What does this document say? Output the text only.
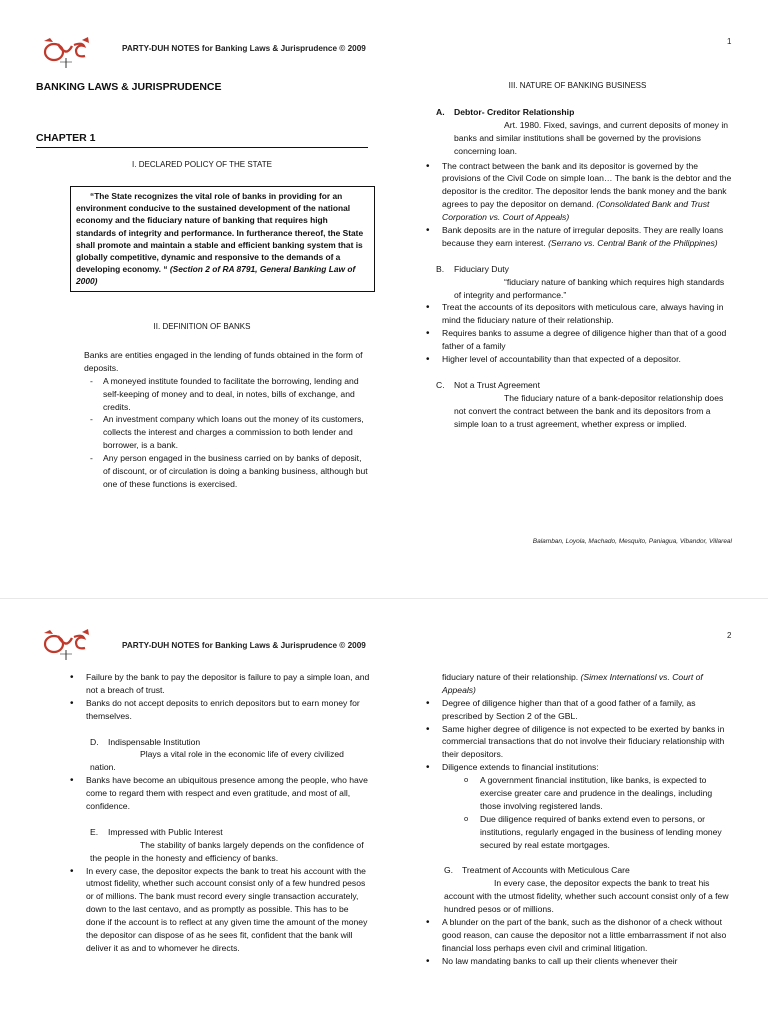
PARTY-DUH NOTES for Banking Laws & Jurisprudence © 2009
1
BANKING LAWS & JURISPRUDENCE
CHAPTER 1
I. DECLARED POLICY OF THE STATE
“The State recognizes the vital role of banks in providing for an environment conducive to the sustained development of the national economy and the fiduciary nature of banking that requires high standards of integrity and performance. In furtherance thereof, the State shall promote and maintain a stable and efficient banking system that is globally competitive, dynamic and responsive to the demands of a developing economy. “ (Section 2 of RA 8791, General Banking Law of 2000)
II. DEFINITION OF BANKS

Banks are entities engaged in the lending of funds obtained in the form of deposits.

- A moneyed institute founded to facilitate the borrowing, lending and self-keeping of money and to deal, in notes, bills of exchange, and credits.
- An investment company which loans out the money of its customers, collects the interest and charges a commission to both lender and borrower, is a bank.
- Any person engaged in the business carried on by banks of deposit, of discount, or of circulation is doing a banking business, although but one of these functions is exercised.
III. NATURE OF BANKING BUSINESS
A. Debtor- Creditor Relationship

Art. 1980. Fixed, savings, and current deposits of money in banks and similar institutions shall be governed by the provisions concerning loan.

• The contract between the bank and its depositor is governed by the provisions of the Civil Code on simple loan… The bank is the debtor and the depositor is the creditor. The depositor lends the bank money and the bank agrees to pay the depositor on demand. (Consolidated Bank and Trust Corporation vs. Court of Appeals)
• Bank deposits are in the nature of irregular deposits. They are really loans because they earn interest. (Serrano vs. Central Bank of the Philippines)
B. Fiduciary Duty

“fiduciary nature of banking which requires high standards of integrity and performance.”

• Treat the accounts of its depositors with meticulous care, always having in mind the fiduciary nature of their relationship.
• Requires banks to assume a degree of diligence higher than that of a good father of a family
• Higher level of accountability than that expected of a depositor.
C. Not a Trust Agreement

The fiduciary nature of a bank-depositor relationship does not convert the contract between the bank and its depositors from a simple loan to a trust agreement, whether express or implied.

Balamban, Loyola, Machado, Mesquito, Paniagua, Vibandor, Villareal
PARTY-DUH NOTES for Banking Laws & Jurisprudence © 2009
2
• Failure by the bank to pay the depositor is failure to pay a simple loan, and not a breach of trust.
• Banks do not accept deposits to enrich depositors but to earn money for themselves.
D. Indispensable Institution

Plays a vital role in the economic life of every civilized nation.

• Banks have become an ubiquitous presence among the people, who have come to regard them with respect and even gratitude, and most of all, confidence.
E. Impressed with Public Interest

The stability of banks largely depends on the confidence of the people in the honesty and efficiency of banks.

• In every case, the depositor expects the bank to treat his account with the utmost fidelity, whether such account consist only of a few hundred pesos or of millions. The bank must record every single transaction accurately, down to the last centavo, and as promptly as possible. This has to be done if the account is to reflect at any given time the amount of the money the depositor can dispose of as he sees fit, confident that the bank will deliver it as and to whomever he directs.

fiduciary nature of their relationship. (Simex Internationsl vs. Court of Appeals)

• Degree of diligence higher than that of a good father of a family, as prescribed by Section 2 of the GBL.
• Same higher degree of diligence is not expected to be exerted by banks in commercial transactions that do not involve their fiduciary relationship with their depositors.
• Diligence extends to financial institutions:
o A government financial institution, like banks, is expected to exercise greater care and prudence in the dealings, including those involving registered lands.
o Due diligence required of banks extend even to persons, or institutions, regularly engaged in the business of lending money secured by real estate mortgages.
G. Treatment of Accounts with Meticulous Care

In every case, the depositor expects the bank to treat his account with the utmost fidelity, whether such account consist only of a few hundred pesos or of millions.

• A blunder on the part of the bank, such as the dishonor of a check without good reason, can cause the depositor not a little embarrassment if not also financial loss perhaps even civil and criminal litigation.
• No law mandating banks to call up their clients whenever their
